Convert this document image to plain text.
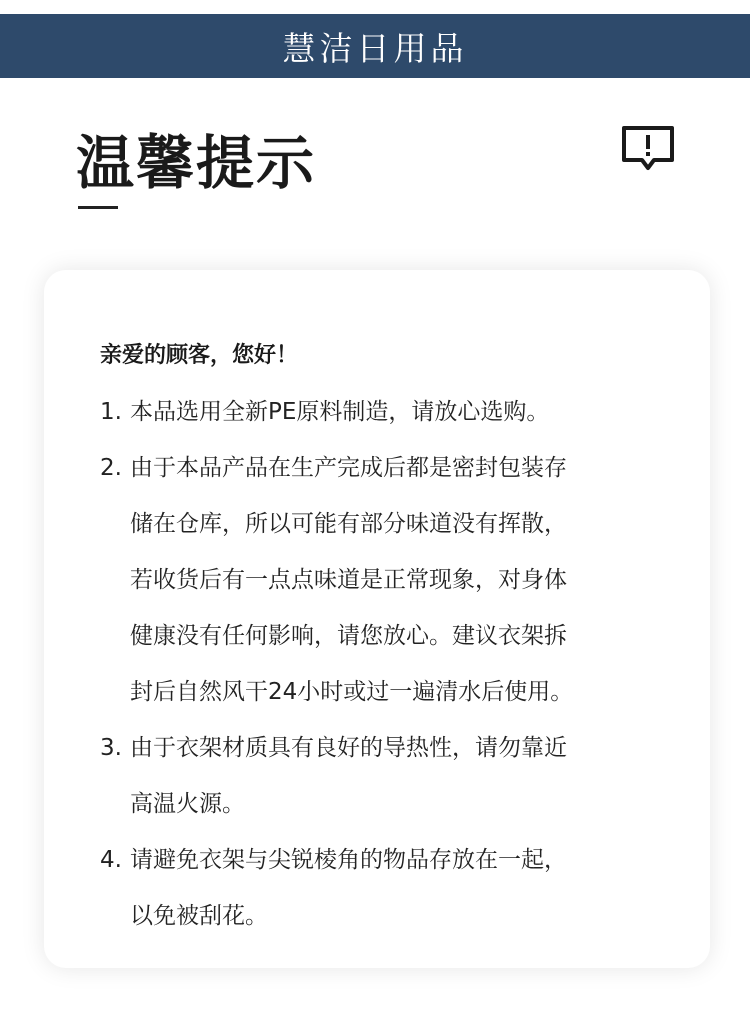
慧洁日用品
温馨提示
亲爱的顾客，您好！
1. 本品选用全新PE原料制造，请放心选购。
2. 由于本品产品在生产完成后都是密封包装存
储在仓库，所以可能有部分味道没有挥散，
若收货后有一点点味道是正常现象，对身体
健康没有任何影响，请您放心。建议衣架拆
封后自然风干24小时或过一遍清水后使用。
3. 由于衣架材质具有良好的导热性，请勿靠近
高温火源。
4. 请避免衣架与尖锐棱角的物品存放在一起，
以免被刮花。
